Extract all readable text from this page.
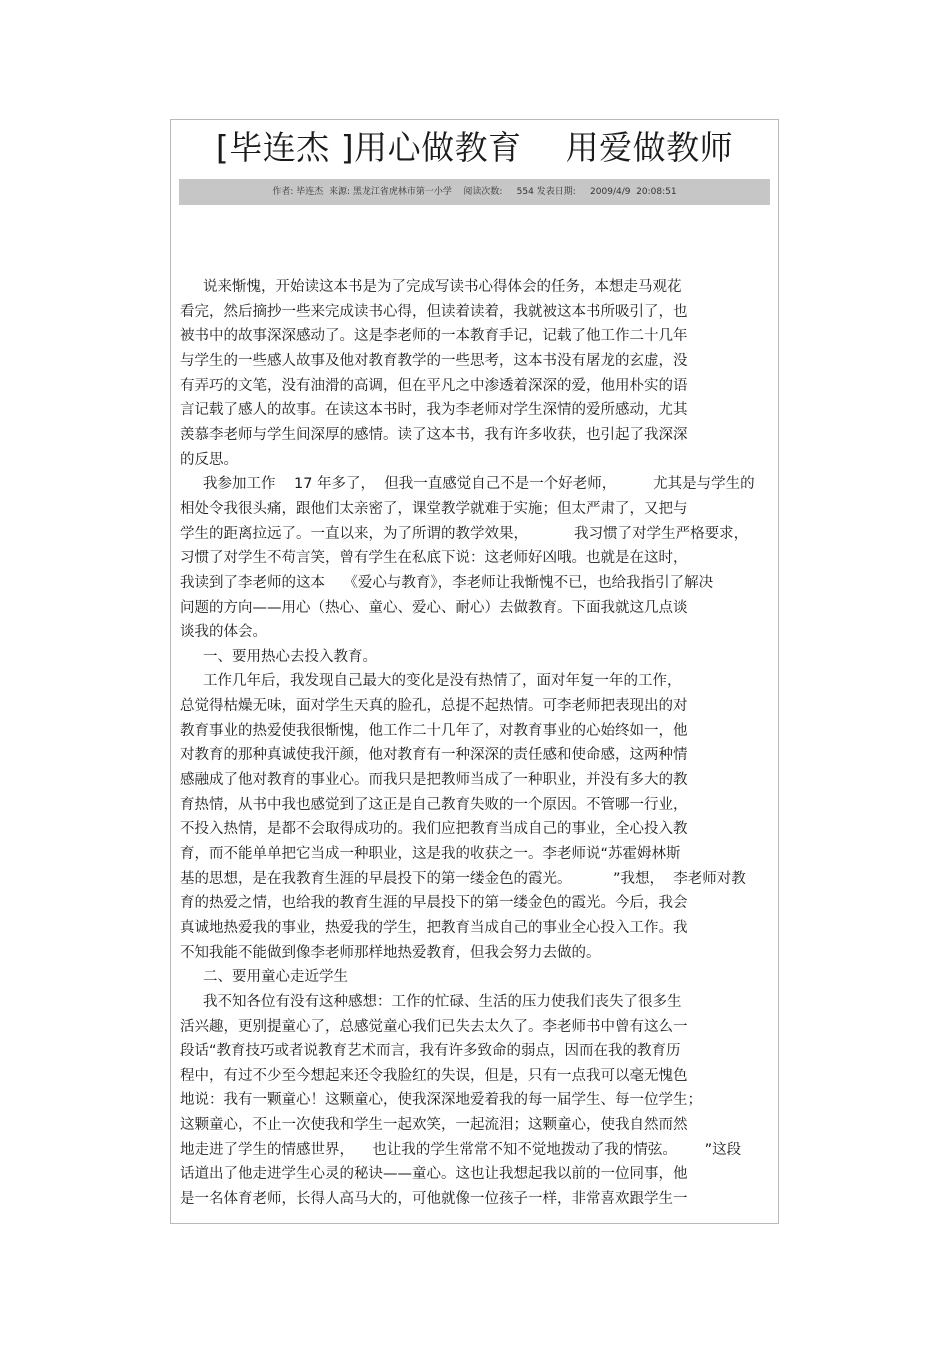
[毕连杰 ]用心做教育    用爱做教师
作者: 毕连杰  来源: 黑龙江省虎林市第一小学    阅读次数:     554 发表日期:     2009/4/9  20:08:51
说来惭愧，开始读这本书是为了完成写读书心得体会的任务，本想走马观花
看完，然后摘抄一些来完成读书心得，但读着读着，我就被这本书所吸引了，也
被书中的故事深深感动了。这是李老师的一本教育手记，记载了他工作二十几年
与学生的一些感人故事及他对教育教学的一些思考，这本书没有屠龙的玄虚，没
有弄巧的文笔，没有油滑的高调，但在平凡之中渗透着深深的爱，他用朴实的语
言记载了感人的故事。在读这本书时，我为李老师对学生深情的爱所感动，尤其
羡慕李老师与学生间深厚的感情。读了这本书，我有许多收获，也引起了我深深
的反思。
我参加工作    17 年多了，  但我一直感觉自己不是一个好老师，        尤其是与学生的
相处令我很头痛，跟他们太亲密了，课堂教学就难于实施；但太严肃了，又把与
学生的距离拉远了。一直以来，为了所谓的教学效果，          我习惯了对学生严格要求，
习惯了对学生不苟言笑，曾有学生在私底下说：这老师好凶哦。也就是在这时，
我读到了李老师的这本    《爱心与教育》，李老师让我惭愧不已，也给我指引了解决
问题的方向——用心（热心、童心、爱心、耐心）去做教育。下面我就这几点谈
谈我的体会。
一、要用热心去投入教育。
工作几年后，我发现自己最大的变化是没有热情了，面对年复一年的工作，
总觉得枯燥无味，面对学生天真的脸孔，总提不起热情。可李老师把表现出的对
教育事业的热爱使我很惭愧，他工作二十几年了，对教育事业的心始终如一，他
对教育的那种真诚使我汗颜，他对教育有一种深深的责任感和使命感，这两种情
感融成了他对教育的事业心。而我只是把教师当成了一种职业，并没有多大的教
育热情，从书中我也感觉到了这正是自己教育失败的一个原因。不管哪一行业，
不投入热情，是都不会取得成功的。我们应把教育当成自己的事业，全心投入教
育，而不能单单把它当成一种职业，这是我的收获之一。李老师说“苏霍姆林斯
基的思想，是在我教育生涯的早晨投下的第一缕金色的霞光。         ”我想，  李老师对教
育的热爱之情，也给我的教育生涯的早晨投下的第一缕金色的霞光。今后，我会
真诚地热爱我的事业，热爱我的学生，把教育当成自己的事业全心投入工作。我
不知我能不能做到像李老师那样地热爱教育，但我会努力去做的。
二、要用童心走近学生
我不知各位有没有这种感想：工作的忙碌、生活的压力使我们丧失了很多生
活兴趣，更别提童心了，总感觉童心我们已失去太久了。李老师书中曾有这么一
段话“教育技巧或者说教育艺术而言，我有许多致命的弱点，因而在我的教育历
程中，有过不少至今想起来还令我脸红的失误，但是，只有一点我可以毫无愧色
地说：我有一颗童心！这颗童心，使我深深地爱着我的每一届学生、每一位学生；
这颗童心，不止一次使我和学生一起欢笑，一起流泪；这颗童心，使我自然而然
地走进了学生的情感世界，    也让我的学生常常不知不觉地拨动了我的情弦。      ”这段
话道出了他走进学生心灵的秘诀——童心。这也让我想起我以前的一位同事，他
是一名体育老师，长得人高马大的，可他就像一位孩子一样，非常喜欢跟学生一
